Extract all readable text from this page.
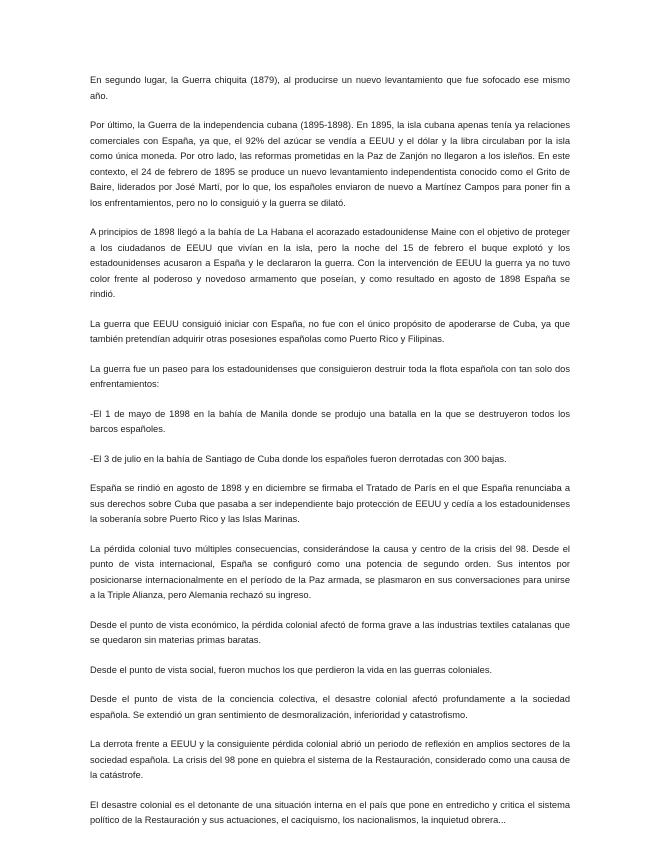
En segundo lugar, la Guerra chiquita (1879), al producirse un nuevo levantamiento que fue sofocado ese mismo año.

Por último, la Guerra de la independencia cubana (1895-1898). En 1895, la isla cubana apenas tenía ya relaciones comerciales con España, ya que, el 92% del azúcar se vendía a EEUU y el dólar y la libra circulaban por la isla como única moneda. Por otro lado, las reformas prometidas en la Paz de Zanjón no llegaron a los isleños. En este contexto, el 24 de febrero de 1895 se produce un nuevo levantamiento independentista conocido como el Grito de Baire, liderados por José Martí, por lo que, los españoles enviaron de nuevo a Martínez Campos para poner fin a los enfrentamientos, pero no lo consiguió y la guerra se dilató.

A principios de 1898 llegó a la bahía de La Habana el acorazado estadounidense Maine con el objetivo de proteger a los ciudadanos de EEUU que vivían en la isla, pero la noche del 15 de febrero el buque explotó y los estadounidenses acusaron a España y le declararon la guerra. Con la intervención de EEUU la guerra ya no tuvo color frente al poderoso y novedoso armamento que poseían, y como resultado en agosto de 1898 España se rindió.

La guerra que EEUU consiguió iniciar con España, no fue con el único propósito de apoderarse de Cuba, ya que también pretendían adquirir otras posesiones españolas como Puerto Rico y Filipinas.

La guerra fue un paseo para los estadounidenses que consiguieron destruir toda la flota española con tan solo dos enfrentamientos:

-El 1 de mayo de 1898 en la bahía de Manila donde se produjo una batalla en la que se destruyeron todos los barcos españoles.

-El 3 de julio en la bahía de Santiago de Cuba donde los españoles fueron derrotadas con 300 bajas.

España se rindió en agosto de 1898 y en diciembre se firmaba el Tratado de París en el que España renunciaba a sus derechos sobre Cuba que pasaba a ser independiente bajo protección de EEUU y cedía a los estadounidenses la soberanía sobre Puerto Rico y las Islas Marinas.

La pérdida colonial tuvo múltiples consecuencias, considerándose la causa y centro de la crisis del 98. Desde el punto de vista internacional, España se configuró como una potencia de segundo orden. Sus intentos por posicionarse internacionalmente en el período de la Paz armada, se plasmaron en sus conversaciones para unirse a la Triple Alianza, pero Alemania rechazó su ingreso.

Desde el punto de vista económico, la pérdida colonial afectó de forma grave a las industrias textiles catalanas que se quedaron sin materias primas baratas.

Desde el punto de vista social, fueron muchos los que perdieron la vida en las guerras coloniales.

Desde el punto de vista de la conciencia colectiva, el desastre colonial afectó profundamente a la sociedad española. Se extendió un gran sentimiento de desmoralización, inferioridad y catastrofismo.

La derrota frente a EEUU y la consiguiente pérdida colonial abrió un periodo de reflexión en amplios sectores de la sociedad española. La crisis del 98 pone en quiebra el sistema de la Restauración, considerado como una causa de la catástrofe.

El desastre colonial es el detonante de una situación interna en el país que pone en entredicho y critica el sistema político de la Restauración y sus actuaciones, el caciquismo, los nacionalismos, la inquietud obrera...
